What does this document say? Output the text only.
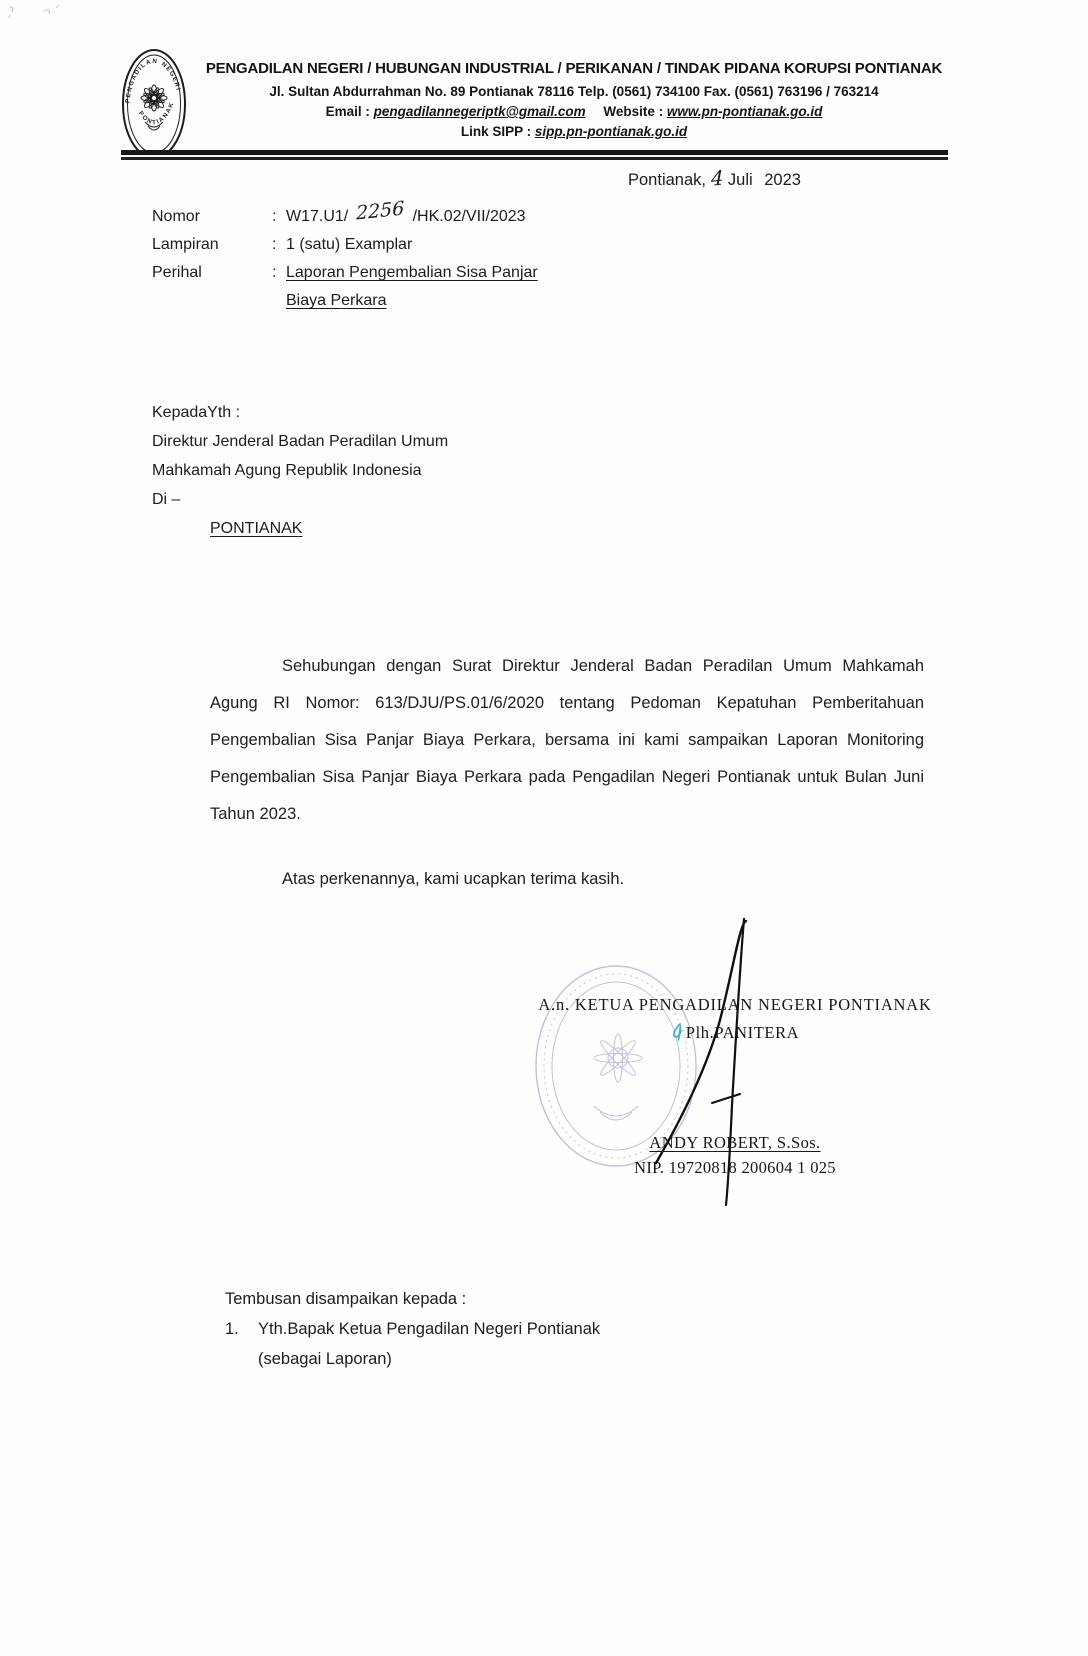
PENGADILAN NEGERI
PONTIANAK
PENGADILAN NEGERI / HUBUNGAN INDUSTRIAL / PERIKANAN / TINDAK PIDANA KORUPSI PONTIANAK
Jl. Sultan Abdurrahman No. 89 Pontianak 78116 Telp. (0561) 734100 Fax. (0561) 763196 / 763214
Email : pengadilannegeriptk@gmail.com Website : www.pn-pontianak.go.id
Link SIPP : sipp.pn-pontianak.go.id
Pontianak, 4 Juli 2023
Nomor	: W17.U1/ 2256 /HK.02/VII/2023
Lampiran	: 1 (satu) Examplar
Perihal	: Laporan Pengembalian Sisa Panjar
Biaya Perkara
KepadaYth :
Direktur Jenderal Badan Peradilan Umum
Mahkamah Agung Republik Indonesia
Di –
PONTIANAK
Sehubungan dengan Surat Direktur Jenderal Badan Peradilan Umum Mahkamah Agung RI Nomor: 613/DJU/PS.01/6/2020 tentang Pedoman Kepatuhan Pemberitahuan Pengembalian Sisa Panjar Biaya Perkara, bersama ini kami sampaikan Laporan Monitoring Pengembalian Sisa Panjar Biaya Perkara pada Pengadilan Negeri Pontianak untuk Bulan Juni Tahun 2023.
Atas perkenannya, kami ucapkan terima kasih.
A.n. KETUA PENGADILAN NEGERI PONTIANAK
Plh.PANITERA
ANDY ROBERT, S.Sos.
NIP. 19720818 200604 1 025
Tembusan disampaikan kepada :
1.	Yth.Bapak Ketua Pengadilan Negeri Pontianak
(sebagai Laporan)
